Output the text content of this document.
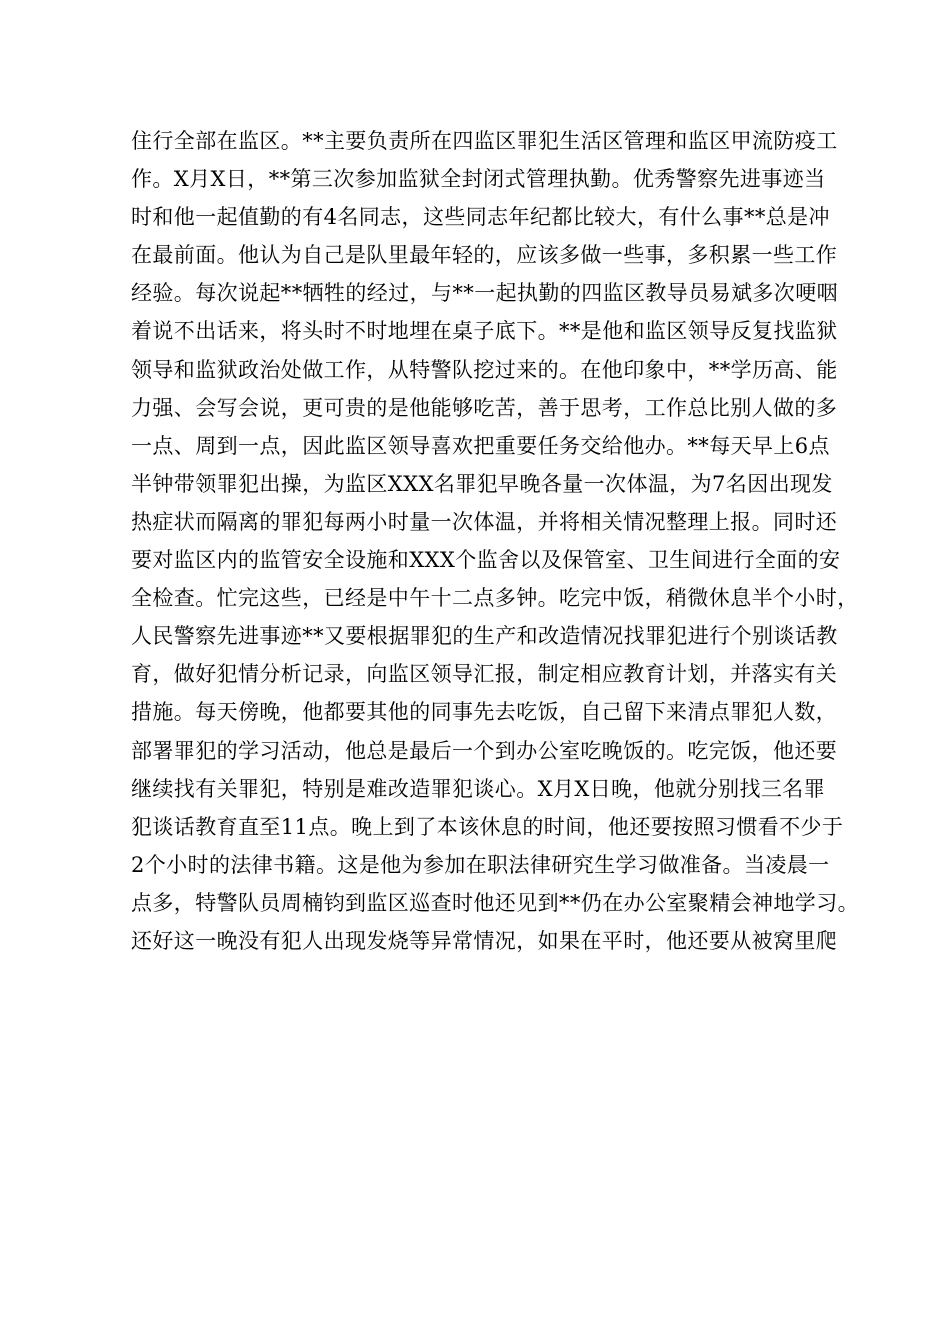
住行全部在监区。**主要负责所在四监区罪犯生活区管理和监区甲流防疫工
作。X月X日，**第三次参加监狱全封闭式管理执勤。优秀警察先进事迹当
时和他一起值勤的有4名同志，这些同志年纪都比较大，有什么事**总是冲
在最前面。他认为自己是队里最年轻的，应该多做一些事，多积累一些工作
经验。每次说起**牺牲的经过，与**一起执勤的四监区教导员易斌多次哽咽
着说不出话来，将头时不时地埋在桌子底下。**是他和监区领导反复找监狱
领导和监狱政治处做工作，从特警队挖过来的。在他印象中，**学历高、能
力强、会写会说，更可贵的是他能够吃苦，善于思考，工作总比别人做的多
一点、周到一点，因此监区领导喜欢把重要任务交给他办。**每天早上6点
半钟带领罪犯出操，为监区XXX名罪犯早晚各量一次体温，为7名因出现发
热症状而隔离的罪犯每两小时量一次体温，并将相关情况整理上报。同时还
要对监区内的监管安全设施和XXX个监舍以及保管室、卫生间进行全面的安
全检查。忙完这些，已经是中午十二点多钟。吃完中饭，稍微休息半个小时，
人民警察先进事迹**又要根据罪犯的生产和改造情况找罪犯进行个别谈话教
育，做好犯情分析记录，向监区领导汇报，制定相应教育计划，并落实有关
措施。每天傍晚，他都要其他的同事先去吃饭，自己留下来清点罪犯人数，
部署罪犯的学习活动，他总是最后一个到办公室吃晚饭的。吃完饭，他还要
继续找有关罪犯，特别是难改造罪犯谈心。X月X日晚，他就分别找三名罪
犯谈话教育直至11点。晚上到了本该休息的时间，他还要按照习惯看不少于
2个小时的法律书籍。这是他为参加在职法律研究生学习做准备。当凌晨一
点多，特警队员周楠钧到监区巡查时他还见到**仍在办公室聚精会神地学习。
还好这一晚没有犯人出现发烧等异常情况，如果在平时，他还要从被窝里爬
